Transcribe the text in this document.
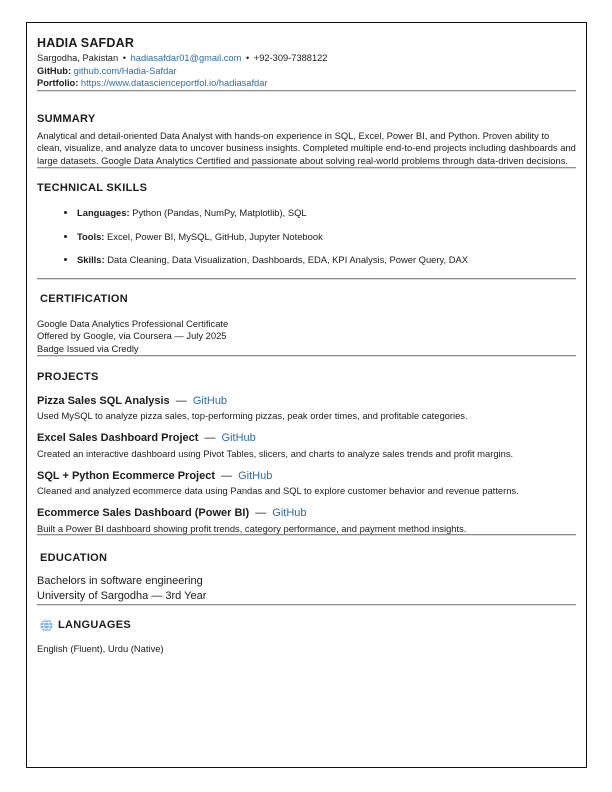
HADIA SAFDAR
Sargodha, Pakistan • hadiasafdar01@gmail.com • +92-309-7388122
GitHub: github.com/Hadia-Safdar
Portfolio: https://www.datascienceportfol.io/hadiasafdar
SUMMARY
Analytical and detail-oriented Data Analyst with hands-on experience in SQL, Excel, Power BI, and Python. Proven ability to clean, visualize, and analyze data to uncover business insights. Completed multiple end-to-end projects including dashboards and large datasets. Google Data Analytics Certified and passionate about solving real-world problems through data-driven decisions.
TECHNICAL SKILLS
• Languages: Python (Pandas, NumPy, Matplotlib), SQL
• Tools: Excel, Power BI, MySQL, GitHub, Jupyter Notebook
• Skills: Data Cleaning, Data Visualization, Dashboards, EDA, KPI Analysis, Power Query, DAX
CERTIFICATION
Google Data Analytics Professional Certificate
Offered by Google, via Coursera — July 2025
Badge Issued via Credly
PROJECTS
Pizza Sales SQL Analysis — GitHub
Used MySQL to analyze pizza sales, top-performing pizzas, peak order times, and profitable categories.
Excel Sales Dashboard Project — GitHub
Created an interactive dashboard using Pivot Tables, slicers, and charts to analyze sales trends and profit margins.
SQL + Python Ecommerce Project — GitHub
Cleaned and analyzed ecommerce data using Pandas and SQL to explore customer behavior and revenue patterns.
Ecommerce Sales Dashboard (Power BI) — GitHub
Built a Power BI dashboard showing profit trends, category performance, and payment method insights.
EDUCATION
Bachelors in software engineering
University of Sargodha — 3rd Year
LANGUAGES
English (Fluent), Urdu (Native)
